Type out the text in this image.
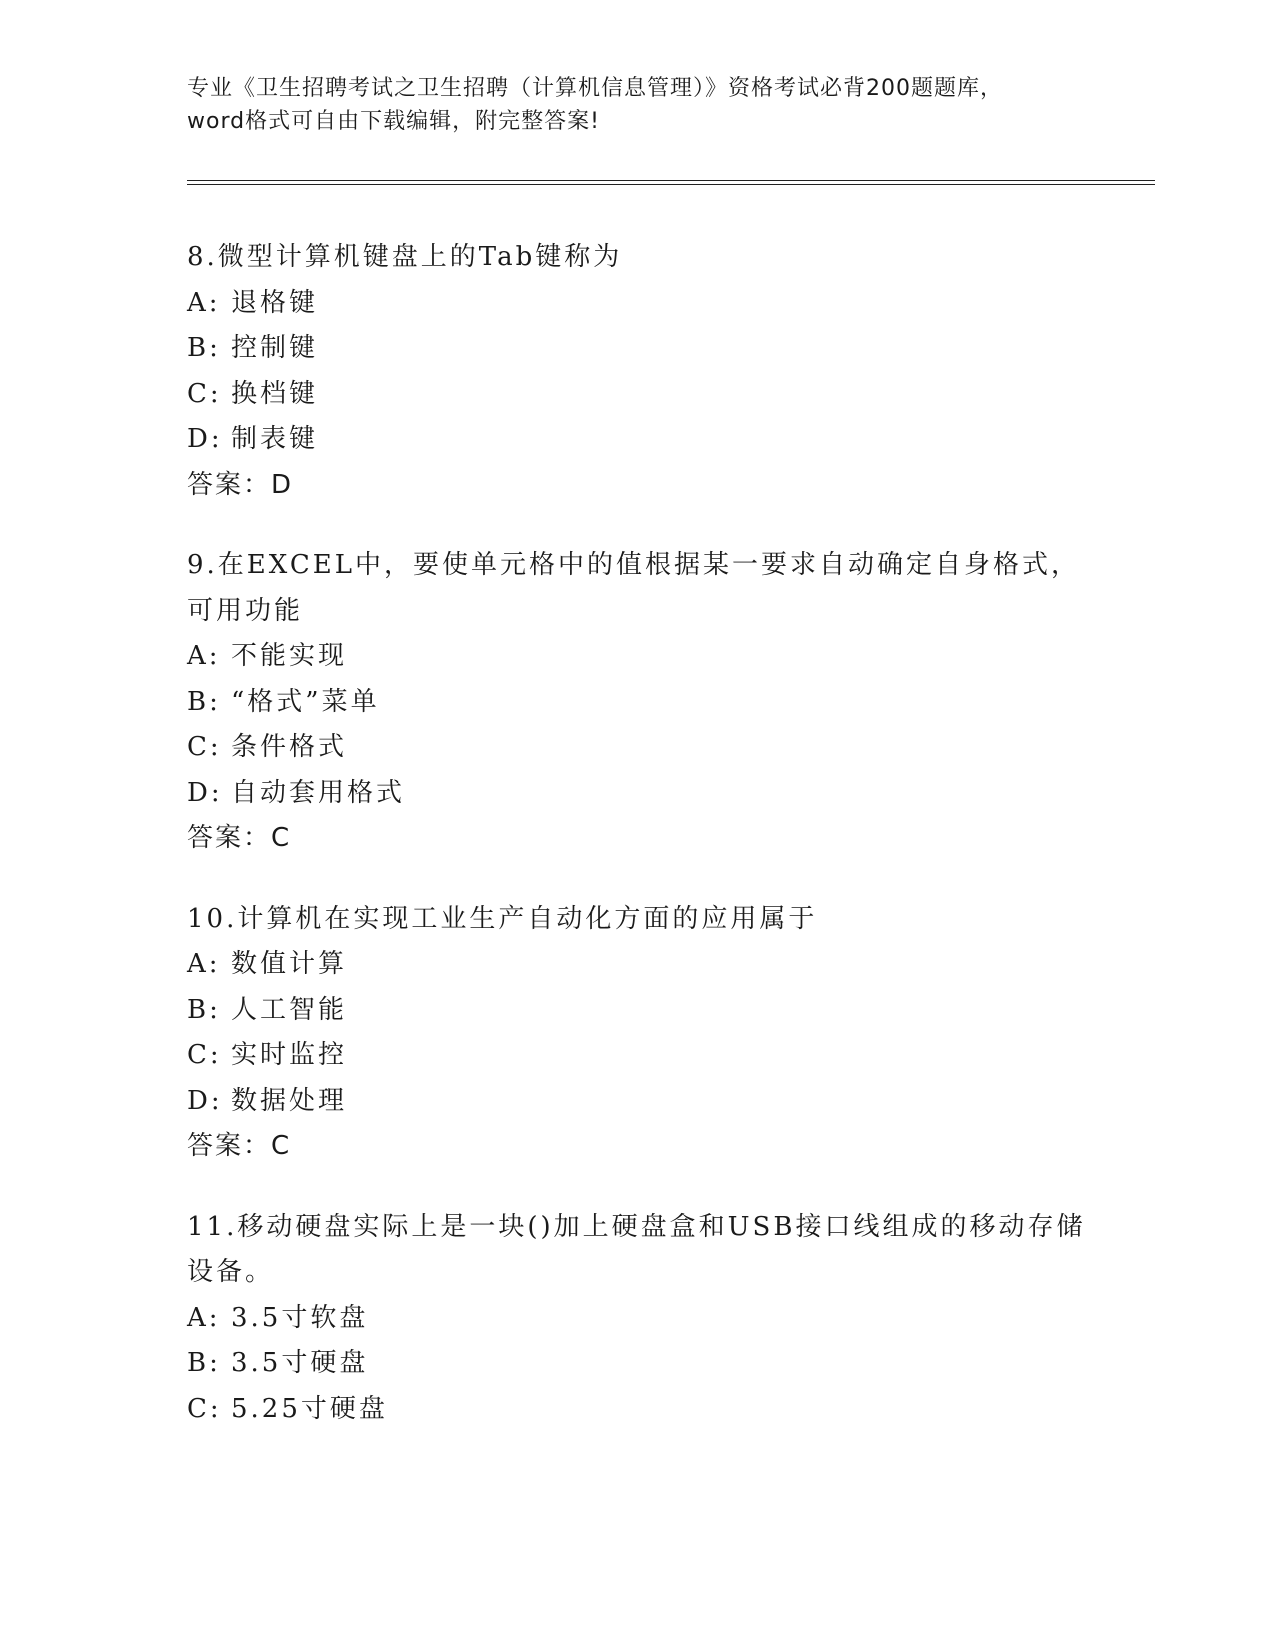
专业《卫生招聘考试之卫生招聘（计算机信息管理）》资格考试必背200题题库，
word格式可自由下载编辑，附完整答案!
8.微型计算机键盘上的Tab键称为
A: 退格键
B: 控制键
C: 换档键
D: 制表键
答案：D
9.在EXCEL中，要使单元格中的值根据某一要求自动确定自身格式，可用功能
A: 不能实现
B: “格式”菜单
C: 条件格式
D: 自动套用格式
答案：C
10.计算机在实现工业生产自动化方面的应用属于
A: 数值计算
B: 人工智能
C: 实时监控
D: 数据处理
答案：C
11.移动硬盘实际上是一块()加上硬盘盒和USB接口线组成的移动存储设备。
A: 3.5寸软盘
B: 3.5寸硬盘
C: 5.25寸硬盘
